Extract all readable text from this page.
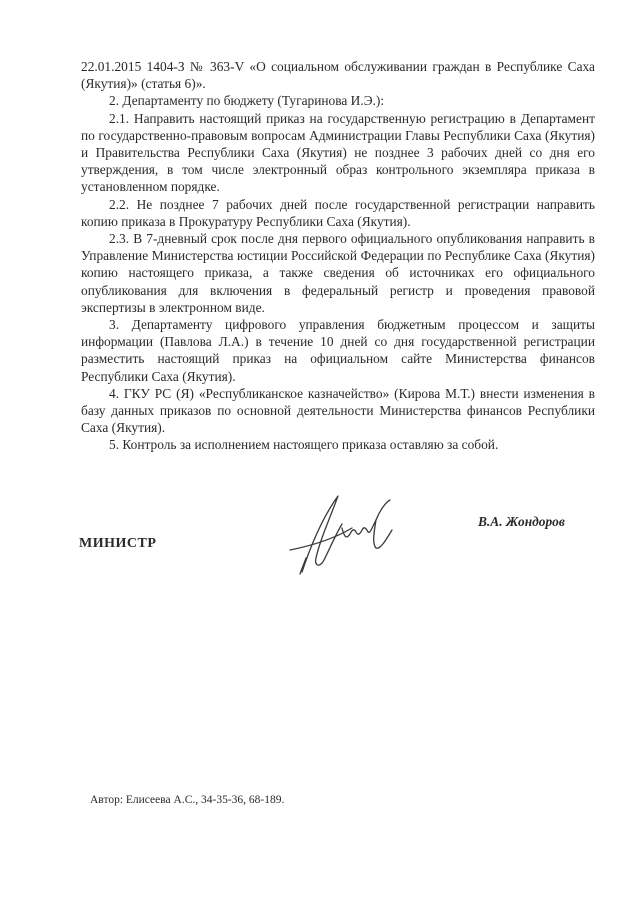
22.01.2015 1404-З № 363-V «О социальном обслуживании граждан в Республике Саха (Якутия)» (статья 6)».

2. Департаменту по бюджету (Тугаринова И.Э.):

2.1. Направить настоящий приказ на государственную регистрацию в Департамент по государственно-правовым вопросам Администрации Главы Республики Саха (Якутия) и Правительства Республики Саха (Якутия) не позднее 3 рабочих дней со дня его утверждения, в том числе электронный образ контрольного экземпляра приказа в установленном порядке.

2.2. Не позднее 7 рабочих дней после государственной регистрации направить копию приказа в Прокуратуру Республики Саха (Якутия).

2.3. В 7-дневный срок после дня первого официального опубликования направить в Управление Министерства юстиции Российской Федерации по Республике Саха (Якутия) копию настоящего приказа, а также сведения об источниках его официального опубликования для включения в федеральный регистр и проведения правовой экспертизы в электронном виде.

3. Департаменту цифрового управления бюджетным процессом и защиты информации (Павлова Л.А.) в течение 10 дней со дня государственной регистрации разместить настоящий приказ на официальном сайте Министерства финансов Республики Саха (Якутия).

4. ГКУ РС (Я) «Республиканское казначейство» (Кирова М.Т.) внести изменения в базу данных приказов по основной деятельности Министерства финансов Республики Саха (Якутия).

5. Контроль за исполнением настоящего приказа оставляю за собой.

МИНИСТР
В.А. Жондоров
Автор: Елисеева А.С., 34-35-36, 68-189.
